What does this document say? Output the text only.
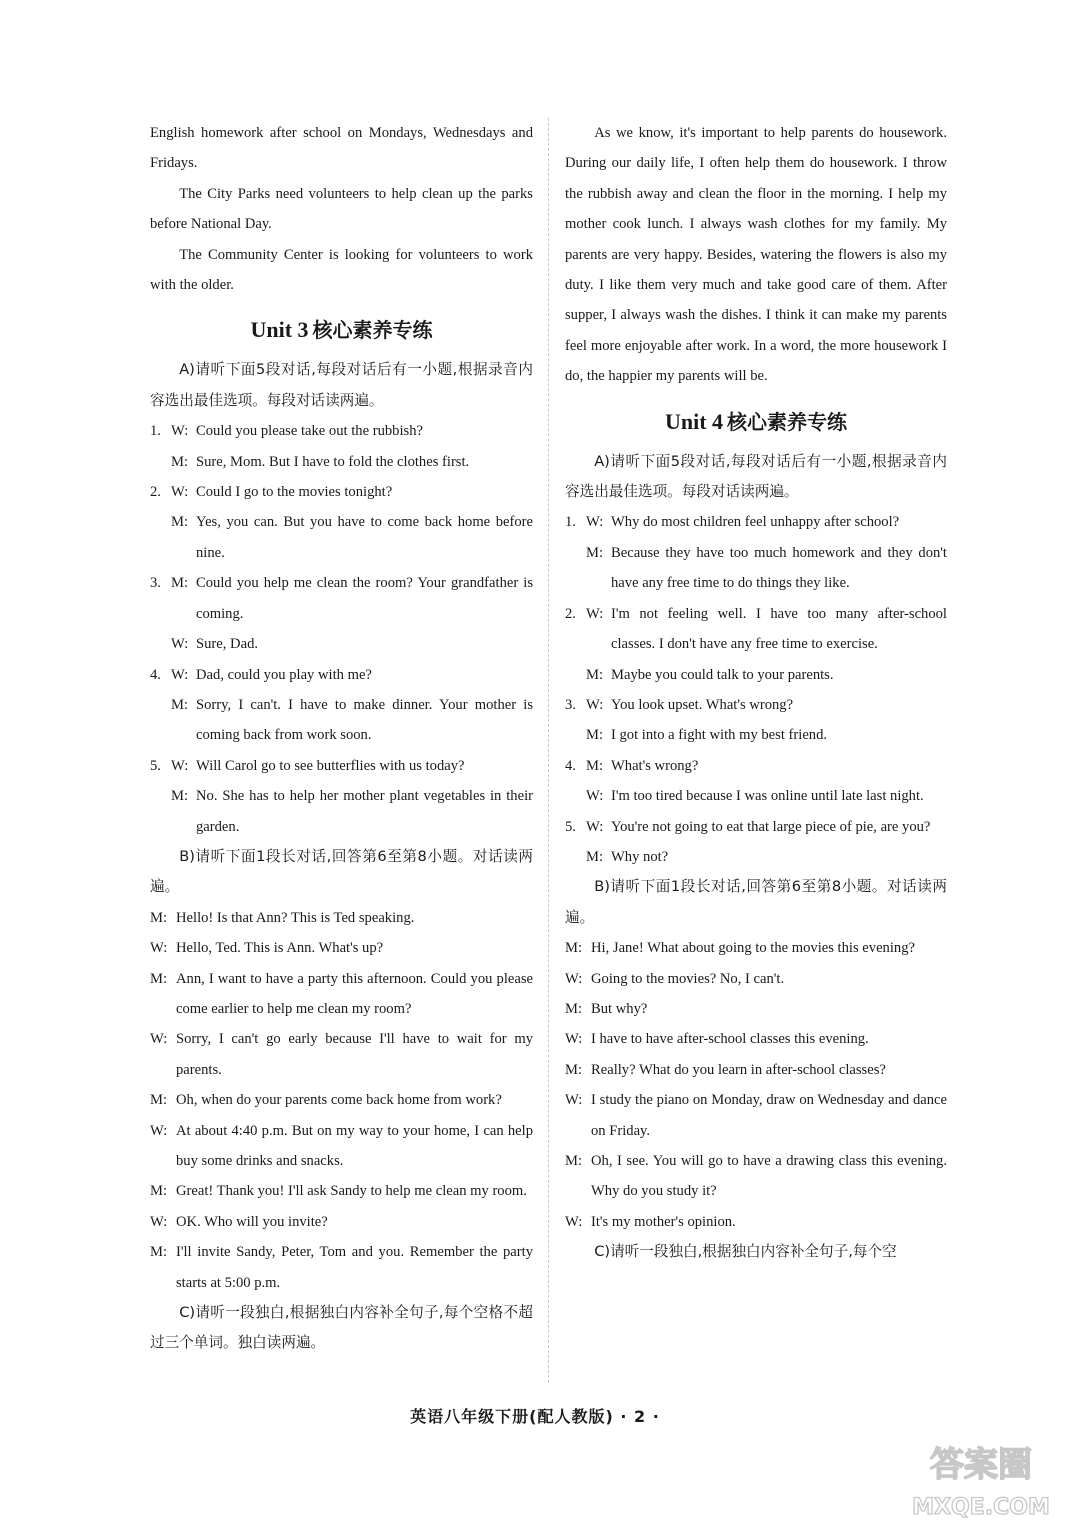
English homework after school on Mondays, Wednesdays and Fridays.

The City Parks need volunteers to help clean up the parks before National Day.

The Community Center is looking for volunteers to work with the older.

Unit 3 核心素养专练

A)请听下面5段对话,每段对话后有一小题,根据录音内容选出最佳选项。每段对话读两遍。

1. W: Could you please take out the rubbish?
M: Sure, Mom. But I have to fold the clothes first.
2. W: Could I go to the movies tonight?
M: Yes, you can. But you have to come back home before nine.
3. M: Could you help me clean the room? Your grandfather is coming.
W: Sure, Dad.
4. W: Dad, could you play with me?
M: Sorry, I can't. I have to make dinner. Your mother is coming back from work soon.
5. W: Will Carol go to see butterflies with us today?
M: No. She has to help her mother plant vegetables in their garden.

B)请听下面1段长对话,回答第6至第8小题。对话读两遍。

M: Hello! Is that Ann? This is Ted speaking.
W: Hello, Ted. This is Ann. What's up?
M: Ann, I want to have a party this afternoon. Could you please come earlier to help me clean my room?
W: Sorry, I can't go early because I'll have to wait for my parents.
M: Oh, when do your parents come back home from work?
W: At about 4:40 p.m. But on my way to your home, I can help buy some drinks and snacks.
M: Great! Thank you! I'll ask Sandy to help me clean my room.
W: OK. Who will you invite?
M: I'll invite Sandy, Peter, Tom and you. Remember the party starts at 5:00 p.m.

C)请听一段独白,根据独白内容补全句子,每个空格不超过三个单词。独白读两遍。

As we know, it's important to help parents do housework. During our daily life, I often help them do housework. I throw the rubbish away and clean the floor in the morning. I help my mother cook lunch. I always wash clothes for my family. My parents are very happy. Besides, watering the flowers is also my duty. I like them very much and take good care of them. After supper, I always wash the dishes. I think it can make my parents feel more enjoyable after work. In a word, the more housework I do, the happier my parents will be.

Unit 4 核心素养专练

A)请听下面5段对话,每段对话后有一小题,根据录音内容选出最佳选项。每段对话读两遍。

1. W: Why do most children feel unhappy after school?
M: Because they have too much homework and they don't have any free time to do things they like.
2. W: I'm not feeling well. I have too many after-school classes. I don't have any free time to exercise.
M: Maybe you could talk to your parents.
3. W: You look upset. What's wrong?
M: I got into a fight with my best friend.
4. M: What's wrong?
W: I'm too tired because I was online until late last night.
5. W: You're not going to eat that large piece of pie, are you?
M: Why not?

B)请听下面1段长对话,回答第6至第8小题。对话读两遍。

M: Hi, Jane! What about going to the movies this evening?
W: Going to the movies? No, I can't.
M: But why?
W: I have to have after-school classes this evening.
M: Really? What do you learn in after-school classes?
W: I study the piano on Monday, draw on Wednesday and dance on Friday.
M: Oh, I see. You will go to have a drawing class this evening. Why do you study it?
W: It's my mother's opinion.

C)请听一段独白,根据独白内容补全句子,每个空

英语八年级下册(配人教版) · 2 ·
答案圈
MXQE.COM
